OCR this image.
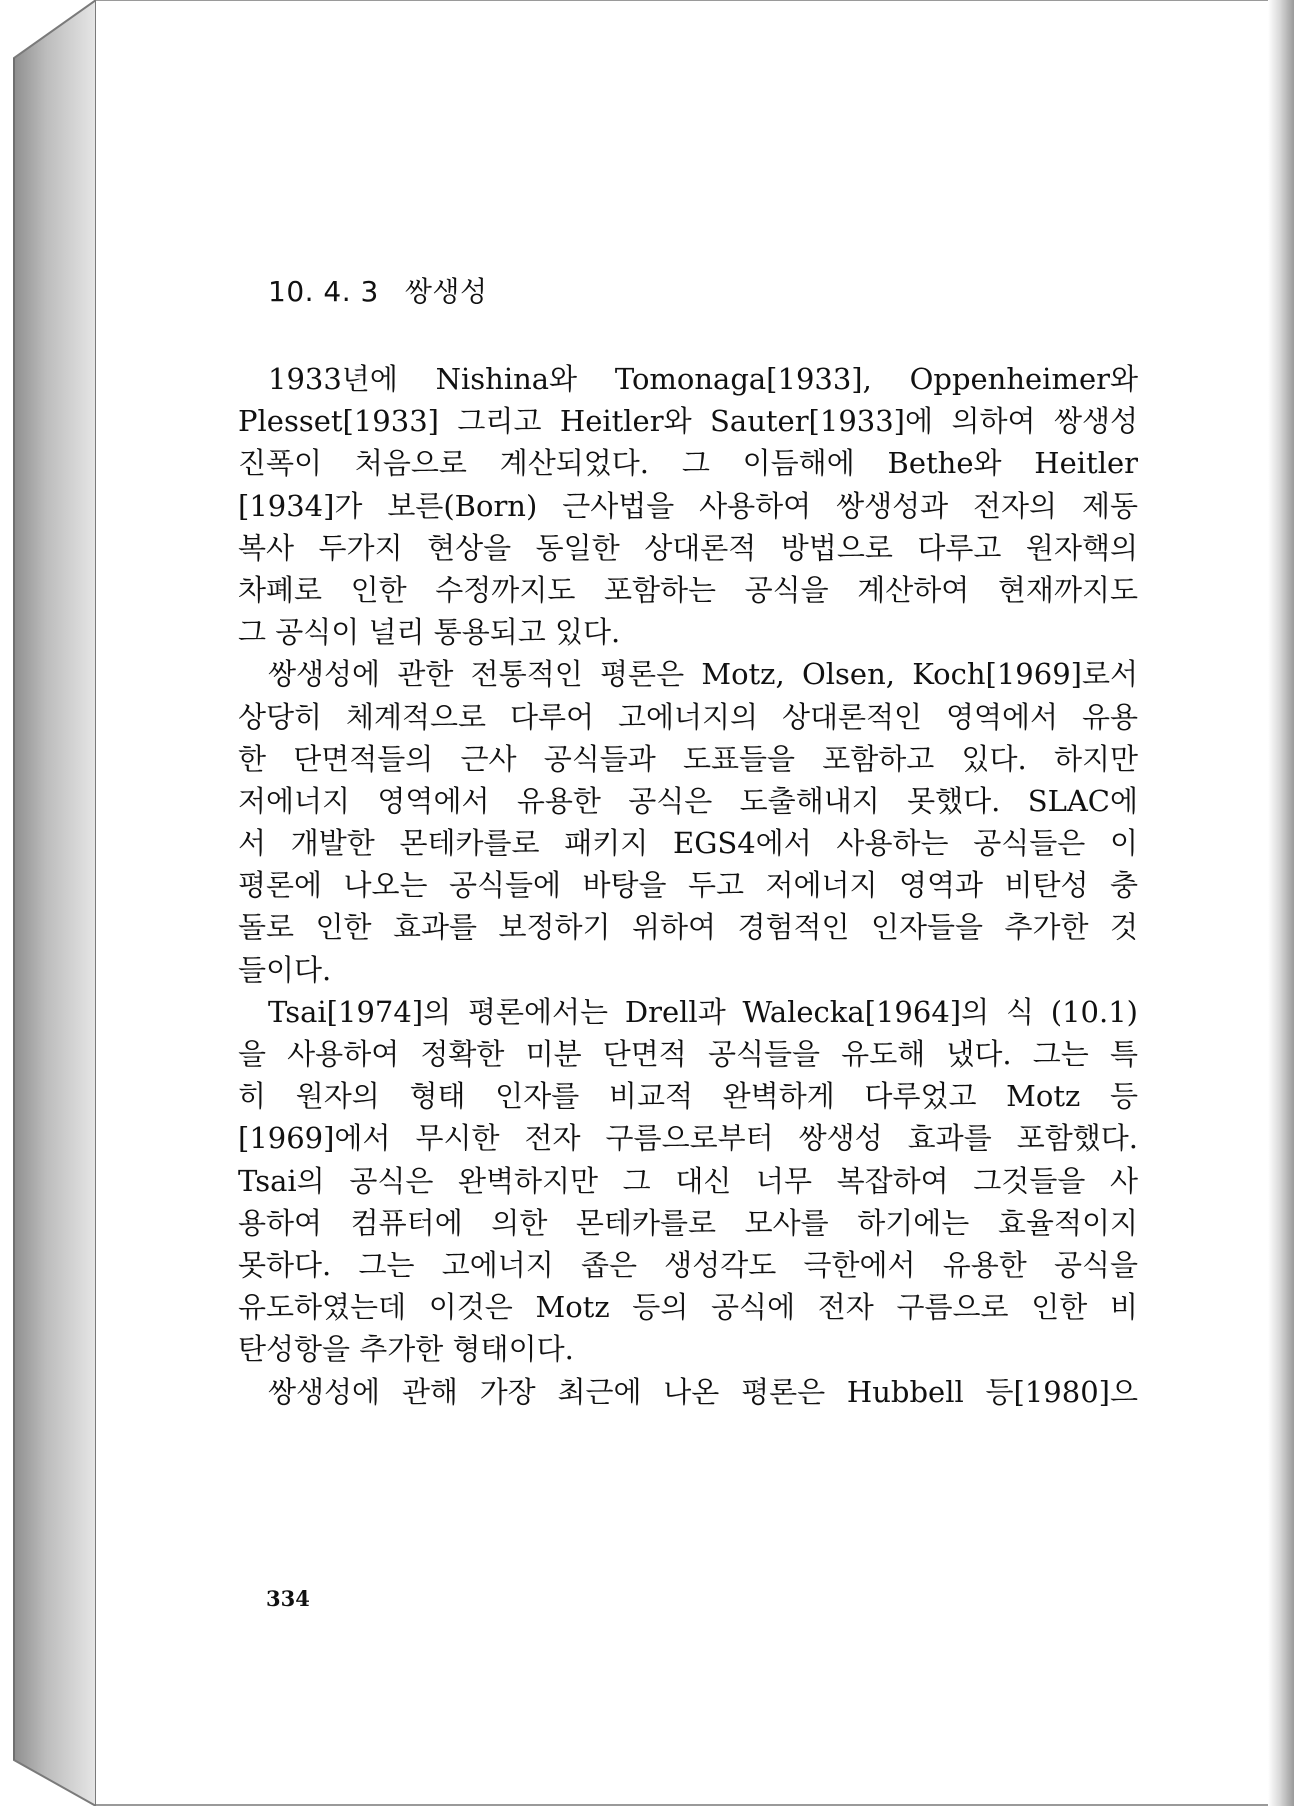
10. 4. 3 쌍생성
1933년에 Nishina와 Tomonaga[1933], Oppenheimer와
Plesset[1933] 그리고 Heitler와 Sauter[1933]에 의하여 쌍생성
진폭이 처음으로 계산되었다. 그 이듬해에 Bethe와 Heitler
[1934]가 보른(Born) 근사법을 사용하여 쌍생성과 전자의 제동
복사 두가지 현상을 동일한 상대론적 방법으로 다루고 원자핵의
차폐로 인한 수정까지도 포함하는 공식을 계산하여 현재까지도
그 공식이 널리 통용되고 있다.
쌍생성에 관한 전통적인 평론은 Motz, Olsen, Koch[1969]로서
상당히 체계적으로 다루어 고에너지의 상대론적인 영역에서 유용
한 단면적들의 근사 공식들과 도표들을 포함하고 있다. 하지만
저에너지 영역에서 유용한 공식은 도출해내지 못했다. SLAC에
서 개발한 몬테카를로 패키지 EGS4에서 사용하는 공식들은 이
평론에 나오는 공식들에 바탕을 두고 저에너지 영역과 비탄성 충
돌로 인한 효과를 보정하기 위하여 경험적인 인자들을 추가한 것
들이다.
Tsai[1974]의 평론에서는 Drell과 Walecka[1964]의 식 (10.1)
을 사용하여 정확한 미분 단면적 공식들을 유도해 냈다. 그는 특
히 원자의 형태 인자를 비교적 완벽하게 다루었고 Motz 등
[1969]에서 무시한 전자 구름으로부터 쌍생성 효과를 포함했다.
Tsai의 공식은 완벽하지만 그 대신 너무 복잡하여 그것들을 사
용하여 컴퓨터에 의한 몬테카를로 모사를 하기에는 효율적이지
못하다. 그는 고에너지 좁은 생성각도 극한에서 유용한 공식을
유도하였는데 이것은 Motz 등의 공식에 전자 구름으로 인한 비
탄성항을 추가한 형태이다.
쌍생성에 관해 가장 최근에 나온 평론은 Hubbell 등[1980]으
334
